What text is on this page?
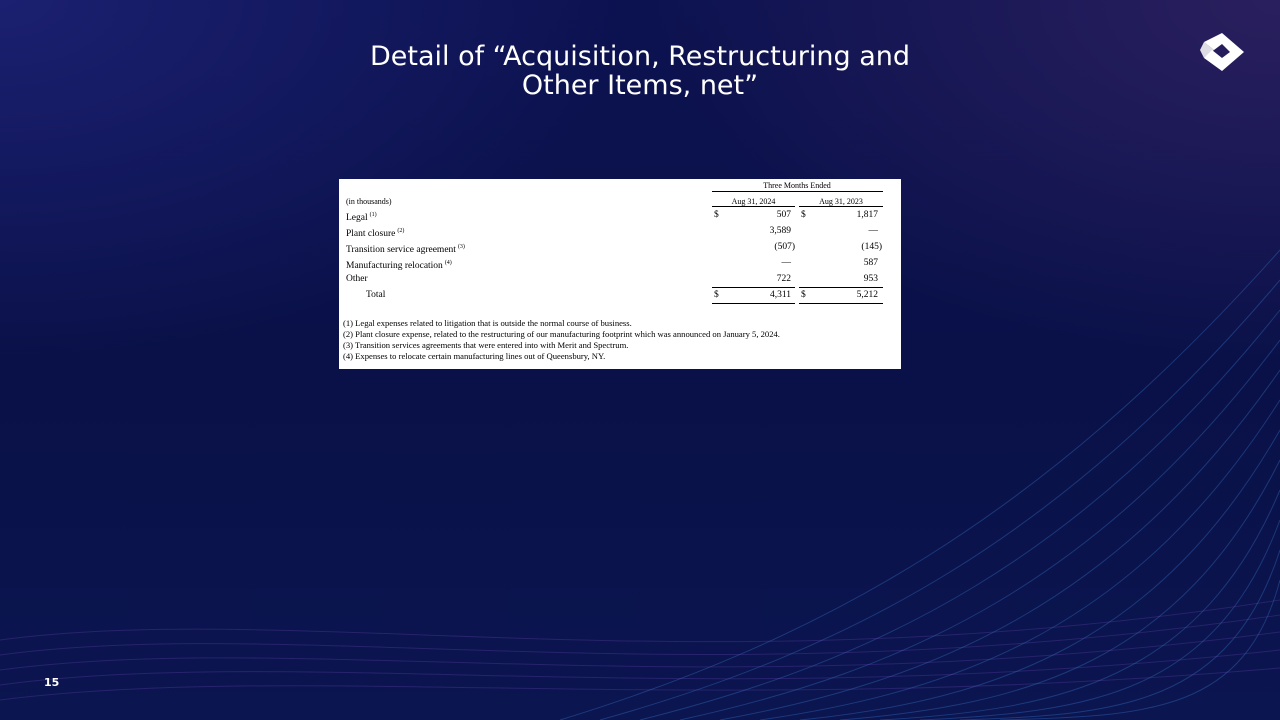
Detail of “Acquisition, Restructuring and
Other Items, net”
Three Months Ended
(in thousands)	Aug 31, 2024	Aug 31, 2023
Legal $^{(1)}$	$	507 $	1,817
Plant closure $^{(2)}$	3,589	—
Transition service agreement $^{(3)}$	(507)	(145)
Manufacturing relocation $^{(4)}$	—	587
Other	722	953
Total	$	4,311 $	5,212
(1) Legal expenses related to litigation that is outside the normal course of business.
(2) Plant closure expense, related to the restructuring of our manufacturing footprint which was announced on January 5, 2024.
(3) Transition services agreements that were entered into with Merit and Spectrum.
(4) Expenses to relocate certain manufacturing lines out of Queensbury, NY.
15
